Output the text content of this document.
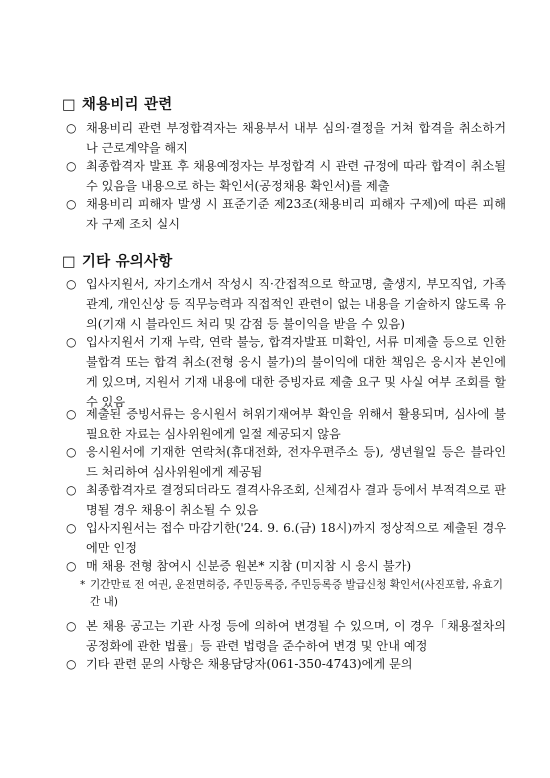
□ 채용비리 관련
○ 채용비리 관련 부정합격자는 채용부서 내부 심의·결정을 거쳐 합격을 취소하거나 근로계약을 해지
○ 최종합격자 발표 후 채용예정자는 부정합격 시 관련 규정에 따라 합격이 취소될 수 있음을 내용으로 하는 확인서(공정채용 확인서)를 제출
○ 채용비리 피해자 발생 시 표준기준 제23조(채용비리 피해자 구제)에 따른 피해자 구제 조치 실시
□ 기타 유의사항
○ 입사지원서, 자기소개서 작성시 직·간접적으로 학교명, 출생지, 부모직업, 가족관계, 개인신상 등 직무능력과 직접적인 관련이 없는 내용을 기술하지 않도록 유의(기재 시 블라인드 처리 및 감점 등 불이익을 받을 수 있음)
○ 입사지원서 기재 누락, 연락 불능, 합격자발표 미확인, 서류 미제출 등으로 인한 불합격 또는 합격 취소(전형 응시 불가)의 불이익에 대한 책임은 응시자 본인에게 있으며, 지원서 기재 내용에 대한 증빙자료 제출 요구 및 사실 여부 조회를 할 수 있음
○ 제출된 증빙서류는 응시원서 허위기재여부 확인을 위해서 활용되며, 심사에 불필요한 자료는 심사위원에게 일절 제공되지 않음
○ 응시원서에 기재한 연락처(휴대전화, 전자우편주소 등), 생년월일 등은 블라인드 처리하여 심사위원에게 제공됨
○ 최종합격자로 결정되더라도 결격사유조회, 신체검사 결과 등에서 부적격으로 판명될 경우 채용이 취소될 수 있음
○ 입사지원서는 접수 마감기한('24. 9. 6.(금) 18시)까지 정상적으로 제출된 경우에만 인정
○ 매 채용 전형 참여시 신분증 원본* 지참 (미지참 시 응시 불가)
* 기간만료 전 여권, 운전면허증, 주민등록증, 주민등록증 발급신청 확인서(사진포함, 유효기간 내)
○ 본 채용 공고는 기관 사정 등에 의하여 변경될 수 있으며, 이 경우「채용절차의 공정화에 관한 법률」등 관련 법령을 준수하여 변경 및 안내 예정
○ 기타 관련 문의 사항은 채용담당자(061-350-4743)에게 문의
